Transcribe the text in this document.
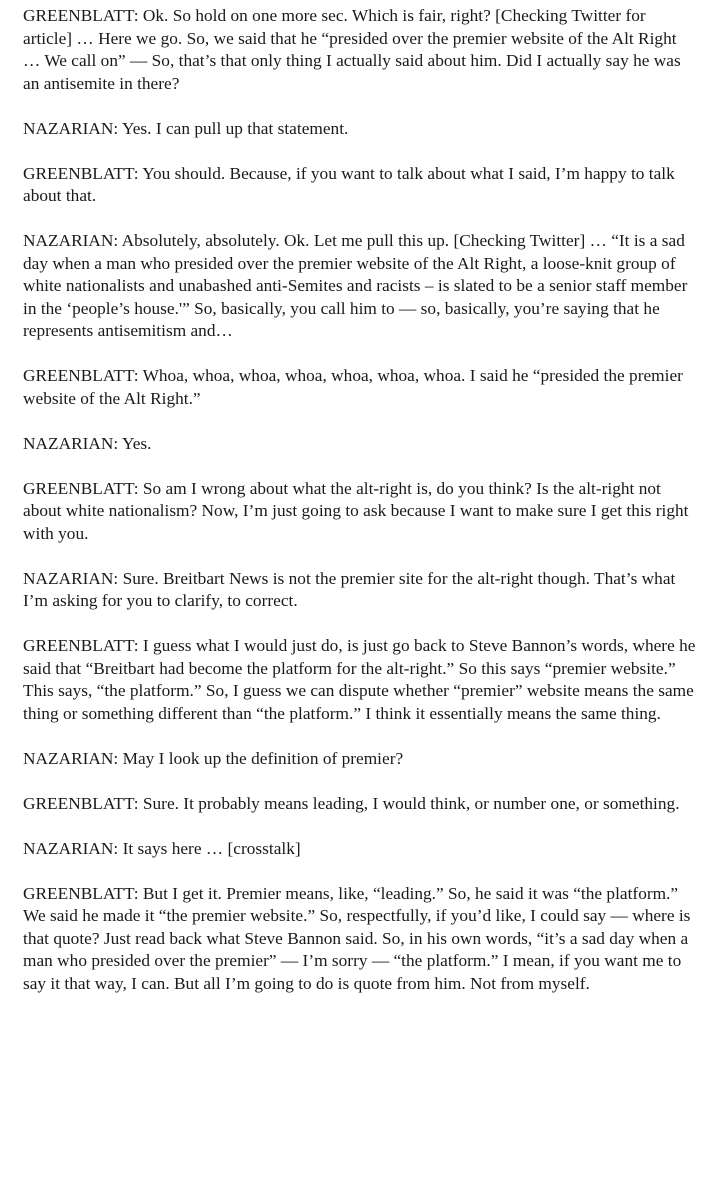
GREENBLATT : Ok. So hold on one more sec. Which is fair, right? [Checking Twitter for article] … Here we go. So, we said that he “presided over the premier website of the Alt Right … We call on” — So, that’s that only thing I actually said about him. Did I actually say he was an antisemite in there?

NAZARIAN : Yes. I can pull up that statement.

GREENBLATT : You should. Because, if you want to talk about what I said, I’m happy to talk about that.

NAZARIAN : Absolutely, absolutely. Ok. Let me pull this up. [Checking Twitter] … “It is a sad day when a man who presided over the premier website of the Alt Right, a loose-knit group of white nationalists and unabashed anti-Semites and racists – is slated to be a senior staff member in the ‘people’s house.'” So, basically, you call him to — so, basically, you’re saying that he represents antisemitism and…

GREENBLATT : Whoa, whoa, whoa, whoa, whoa, whoa, whoa. I said he “presided the premier website of the Alt Right.”

NAZARIAN : Yes.

GREENBLATT : So am I wrong about what the alt-right is, do you think? Is the alt-right not about white nationalism? Now, I’m just going to ask because I want to make sure I get this right with you.

NAZARIAN : Sure. Breitbart News is not the premier site for the alt-right though. That’s what I’m asking for you to clarify, to correct.

GREENBLATT : I guess what I would just do, is just go back to Steve Bannon’s words, where he said that “Breitbart had become the platform for the alt-right.” So this says “premier website.” This says, “the platform.” So, I guess we can dispute whether “premier” website means the same thing or something different than “the platform.” I think it essentially means the same thing.

NAZARIAN : May I look up the definition of premier?

GREENBLATT : Sure. It probably means leading, I would think, or number one, or something.

NAZARIAN : It says here … [crosstalk]

GREENBLATT : But I get it. Premier means, like, “leading.” So, he said it was “the platform.” We said he made it “the premier website.” So, respectfully, if you’d like, I could say — where is that quote? Just read back what Steve Bannon said. So, in his own words, “it’s a sad day when a man who presided over the premier” — I’m sorry — “the platform.” I mean, if you want me to say it that way, I can. But all I’m going to do is quote from him. Not from myself.
